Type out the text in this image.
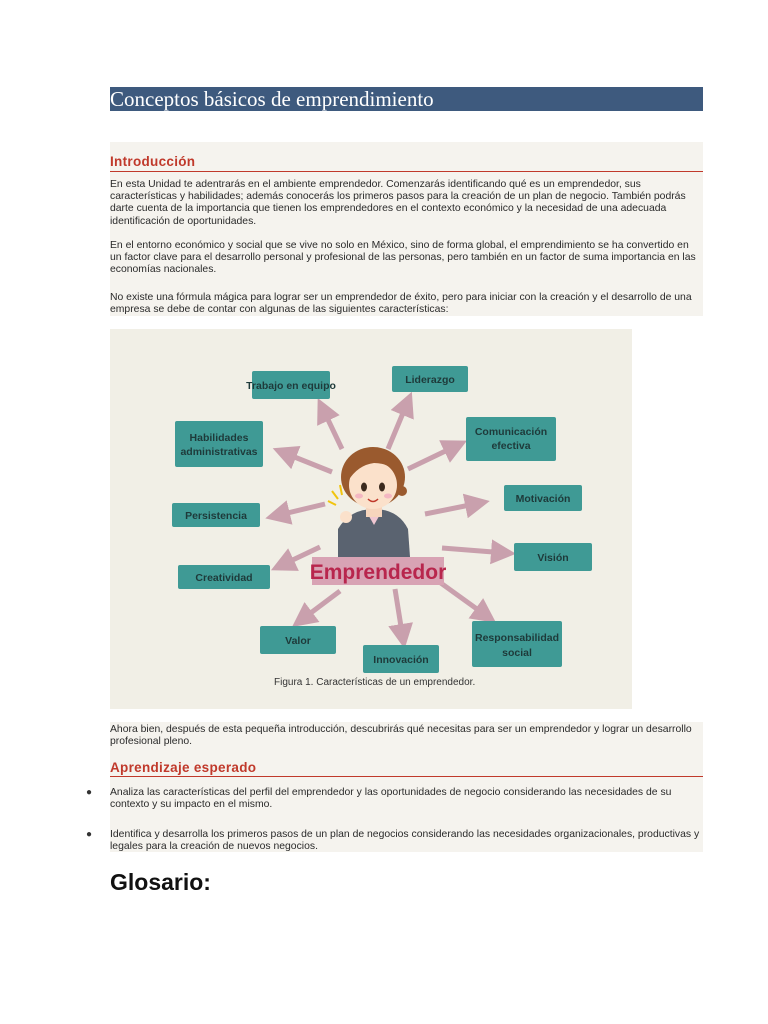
Conceptos básicos de emprendimiento
Introducción
En esta Unidad te adentrarás en el ambiente emprendedor. Comenzarás identificando qué es un emprendedor, sus características y habilidades; además conocerás los primeros pasos para la creación de un plan de negocio. También podrás darte cuenta de la importancia que tienen los emprendedores en el contexto económico y la necesidad de una adecuada identificación de oportunidades.
En el entorno económico y social que se vive no solo en México, sino de forma global, el emprendimiento se ha convertido en un factor clave para el desarrollo personal y profesional de las personas, pero también en un factor de suma importancia en las economías nacionales.
No existe una fórmula mágica para lograr ser un emprendedor de éxito, pero para iniciar con la creación y el desarrollo de una empresa se debe de contar con algunas de las siguientes características:
Emprendedor
Trabajo en equipo	Liderazgo
Habilidades
administrativas
Comunicación
efectiva
Persistencia
Motivación
Creatividad
Visión
Valor
Innovación
Responsabilidad
social
Figura 1. Características de un emprendedor.
Ahora bien, después de esta pequeña introducción, descubrirás qué necesitas para ser un emprendedor y lograr un desarrollo profesional pleno.
Aprendizaje esperado
● Analiza las características del perfil del emprendedor y las oportunidades de negocio considerando las necesidades de su contexto y su impacto en el mismo.
● Identifica y desarrolla los primeros pasos de un plan de negocios considerando las necesidades organizacionales, productivas y legales para la creación de nuevos negocios.
Glosario:
